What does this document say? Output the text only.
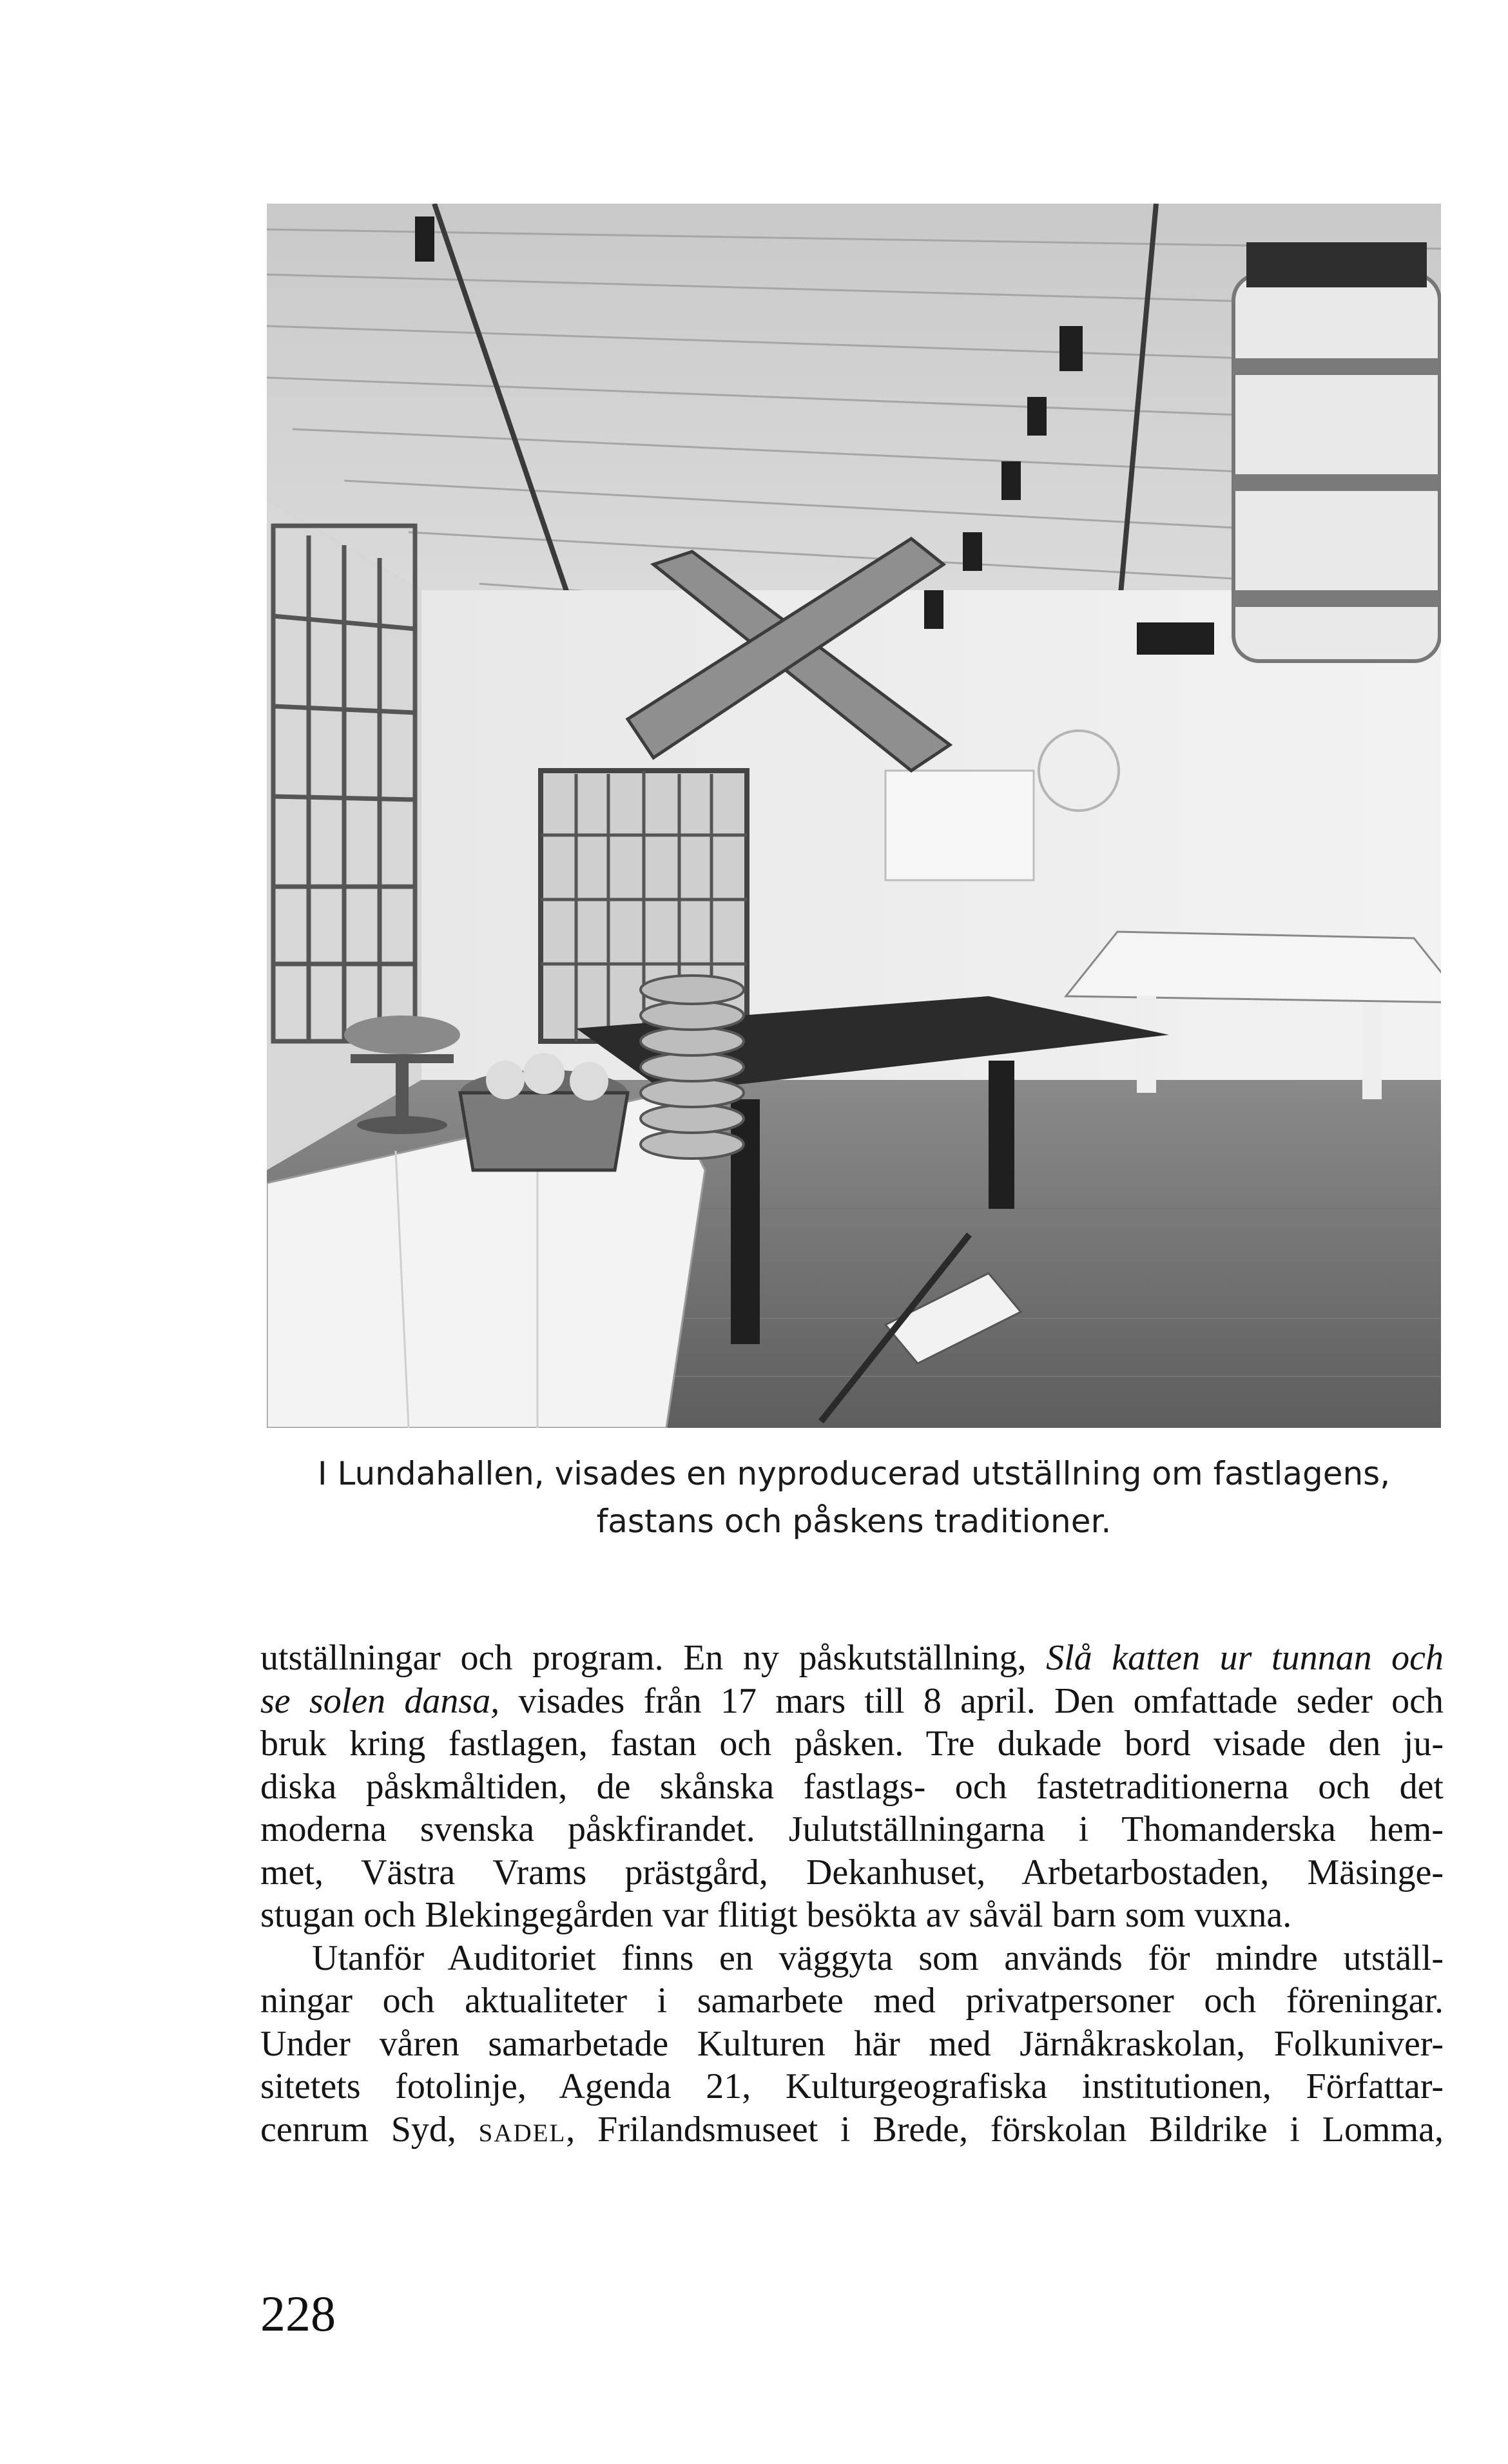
I Lundahallen, visades en nyproducerad utställning om fastlagens,
fastans och påskens traditioner.
utställningar och program. En ny påskutställning, Slå katten ur tunnan och
se solen dansa, visades från 17 mars till 8 april. Den omfattade seder och
bruk kring fastlagen, fastan och påsken. Tre dukade bord visade den ju-
diska påskmåltiden, de skånska fastlags- och fastetraditionerna och det
moderna svenska påskfirandet. Julutställningarna i Thomanderska hem-
met, Västra Vrams prästgård, Dekanhuset, Arbetarbostaden, Mäsinge-
stugan och Blekingegården var flitigt besökta av såväl barn som vuxna.
Utanför Auditoriet finns en väggyta som används för mindre utställ-
ningar och aktualiteter i samarbete med privatpersoner och föreningar.
Under våren samarbetade Kulturen här med Järnåkraskolan, Folkuniver-
sitetets fotolinje, Agenda 21, Kulturgeografiska institutionen, Författar-
cenrum Syd, sadel, Frilandsmuseet i Brede, förskolan Bildrike i Lomma,
228
